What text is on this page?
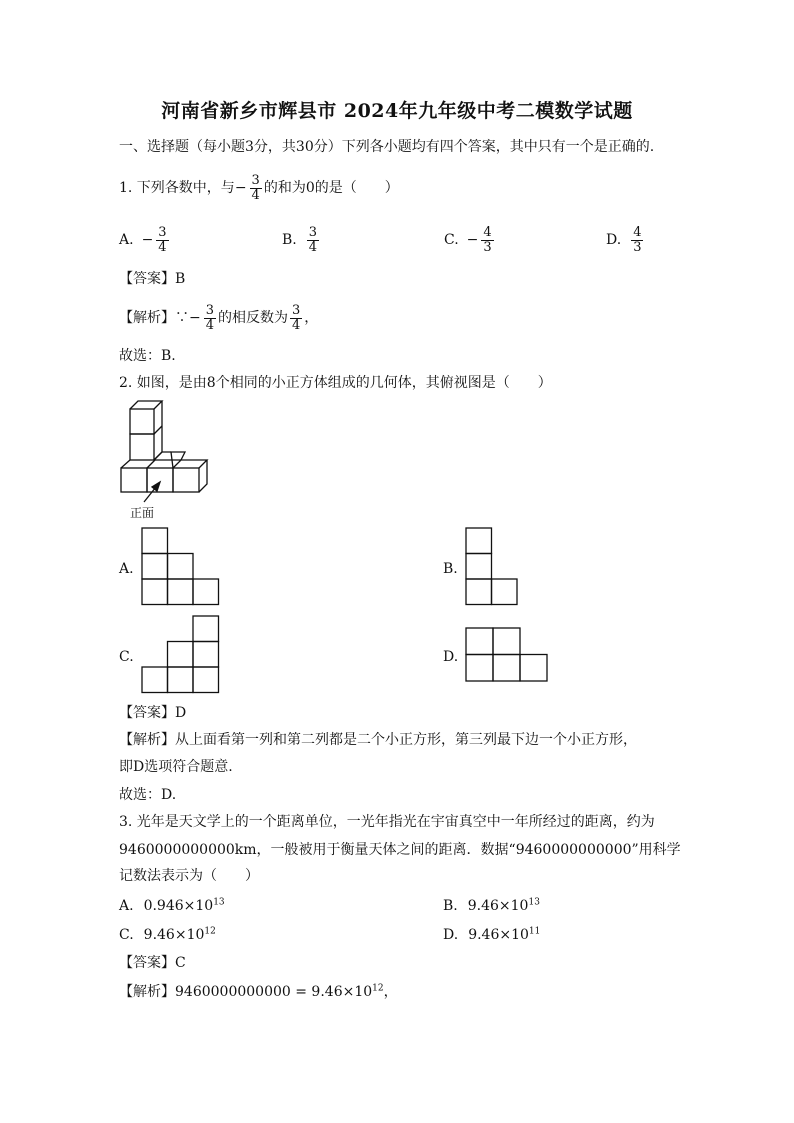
河南省新乡市辉县市 2024年九年级中考二模数学试题
一、选择题（每小题3分，共30分）下列各小题均有四个答案，其中只有一个是正确的.
1. 下列各数中，与 − $\frac{3}{4}$ 的和为0的是（　　）
A. − $\frac{3}{4}$	B. $\frac{3}{4}$	C. − $\frac{4}{3}$	D. $\frac{4}{3}$
【答案】B
【解析】∵ − $\frac{3}{4}$ 的相反数为 $\frac{3}{4}$ ，
故选：B.
2. 如图，是由8个相同的小正方体组成的几何体，其俯视图是（　　）
正面
A.	B.
C.	D.
【答案】D
【解析】从上面看第一列和第二列都是二个小正方形，第三列最下边一个小正方形，
即D选项符合题意.
故选：D.
3. 光年是天文学上的一个距离单位，一光年指光在宇宙真空中一年所经过的距离，约为
9460000000000km，一般被用于衡量天体之间的距离．数据“9460000000000”用科学
记数法表示为（　　）
A. $0.946\times 10^{13}$	B. $9.46\times 10^{13}$
C. $9.46\times 10^{12}$	D. $9.46\times 10^{11}$
【答案】C
【解析】$9460000000000 = 9.46\times 10^{12}$，
